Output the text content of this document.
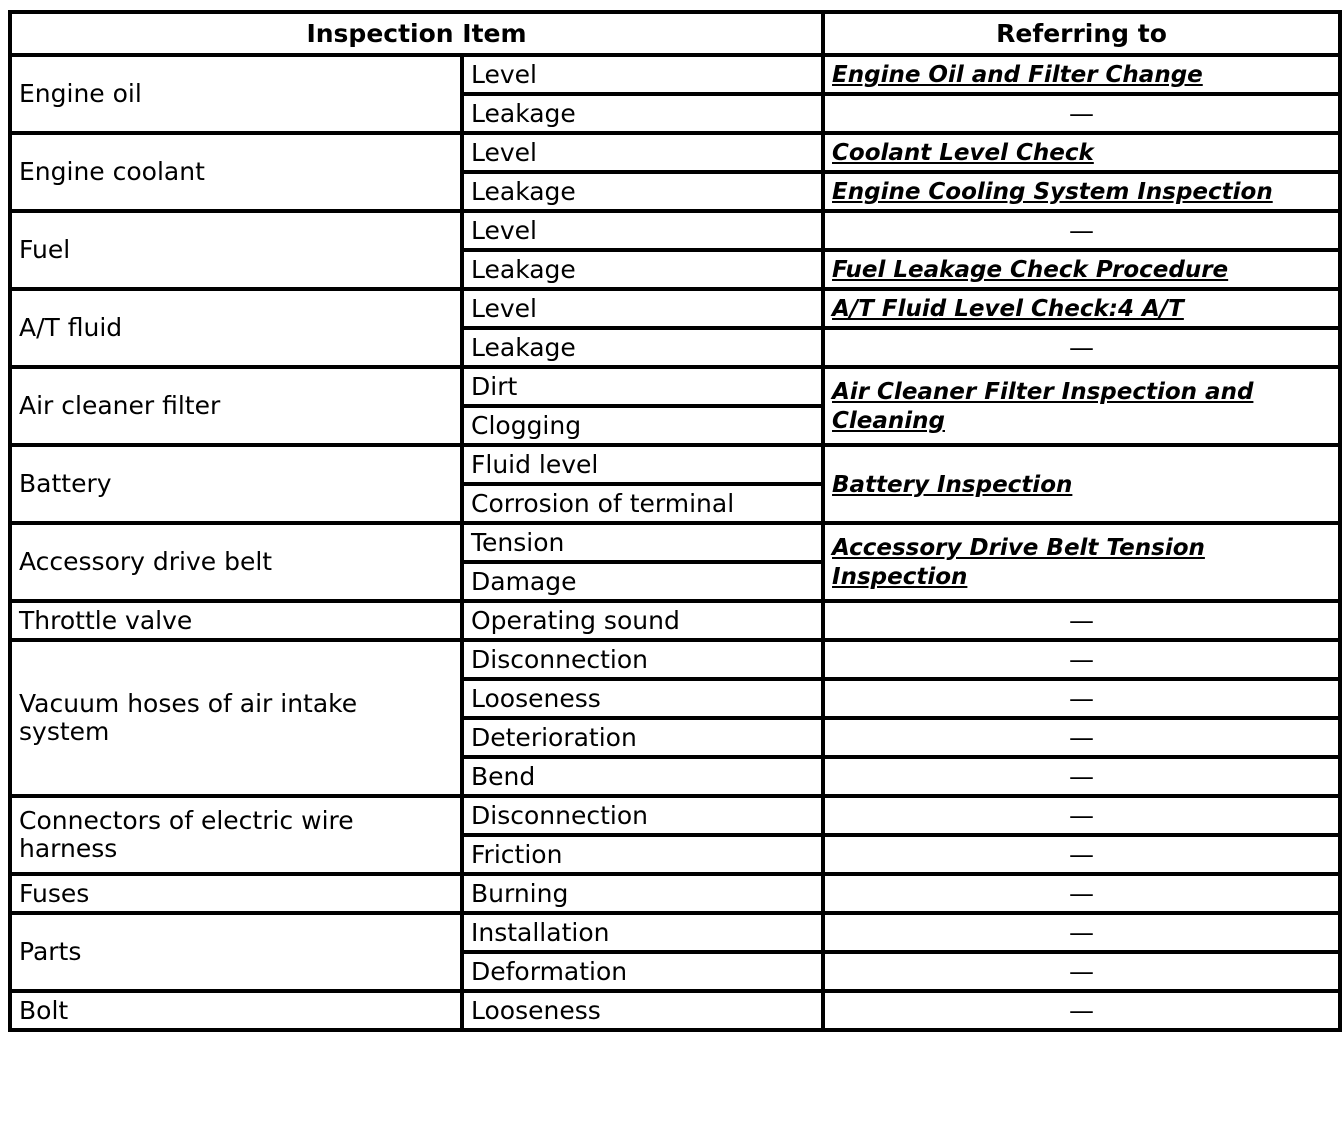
Inspection Item		Referring to
Engine oil	Level	Engine Oil and Filter Change
	Leakage	—
Engine coolant	Level	Coolant Level Check
	Leakage	Engine Cooling System Inspection
Fuel	Level	—
	Leakage	Fuel Leakage Check Procedure
A/T fluid	Level	A/T Fluid Level Check:4 A/T
	Leakage	—
Air cleaner filter	Dirt	Air Cleaner Filter Inspection and Cleaning
	Clogging	
Battery	Fluid level	Battery Inspection
	Corrosion of terminal	
Accessory drive belt	Tension	Accessory Drive Belt Tension Inspection
	Damage	
Throttle valve	Operating sound	—
Vacuum hoses of air intake system	Disconnection	—
	Looseness	—
	Deterioration	—
	Bend	—
Connectors of electric wire harness	Disconnection	—
	Friction	—
Fuses	Burning	—
Parts	Installation	—
	Deformation	—
Bolt	Looseness	—
